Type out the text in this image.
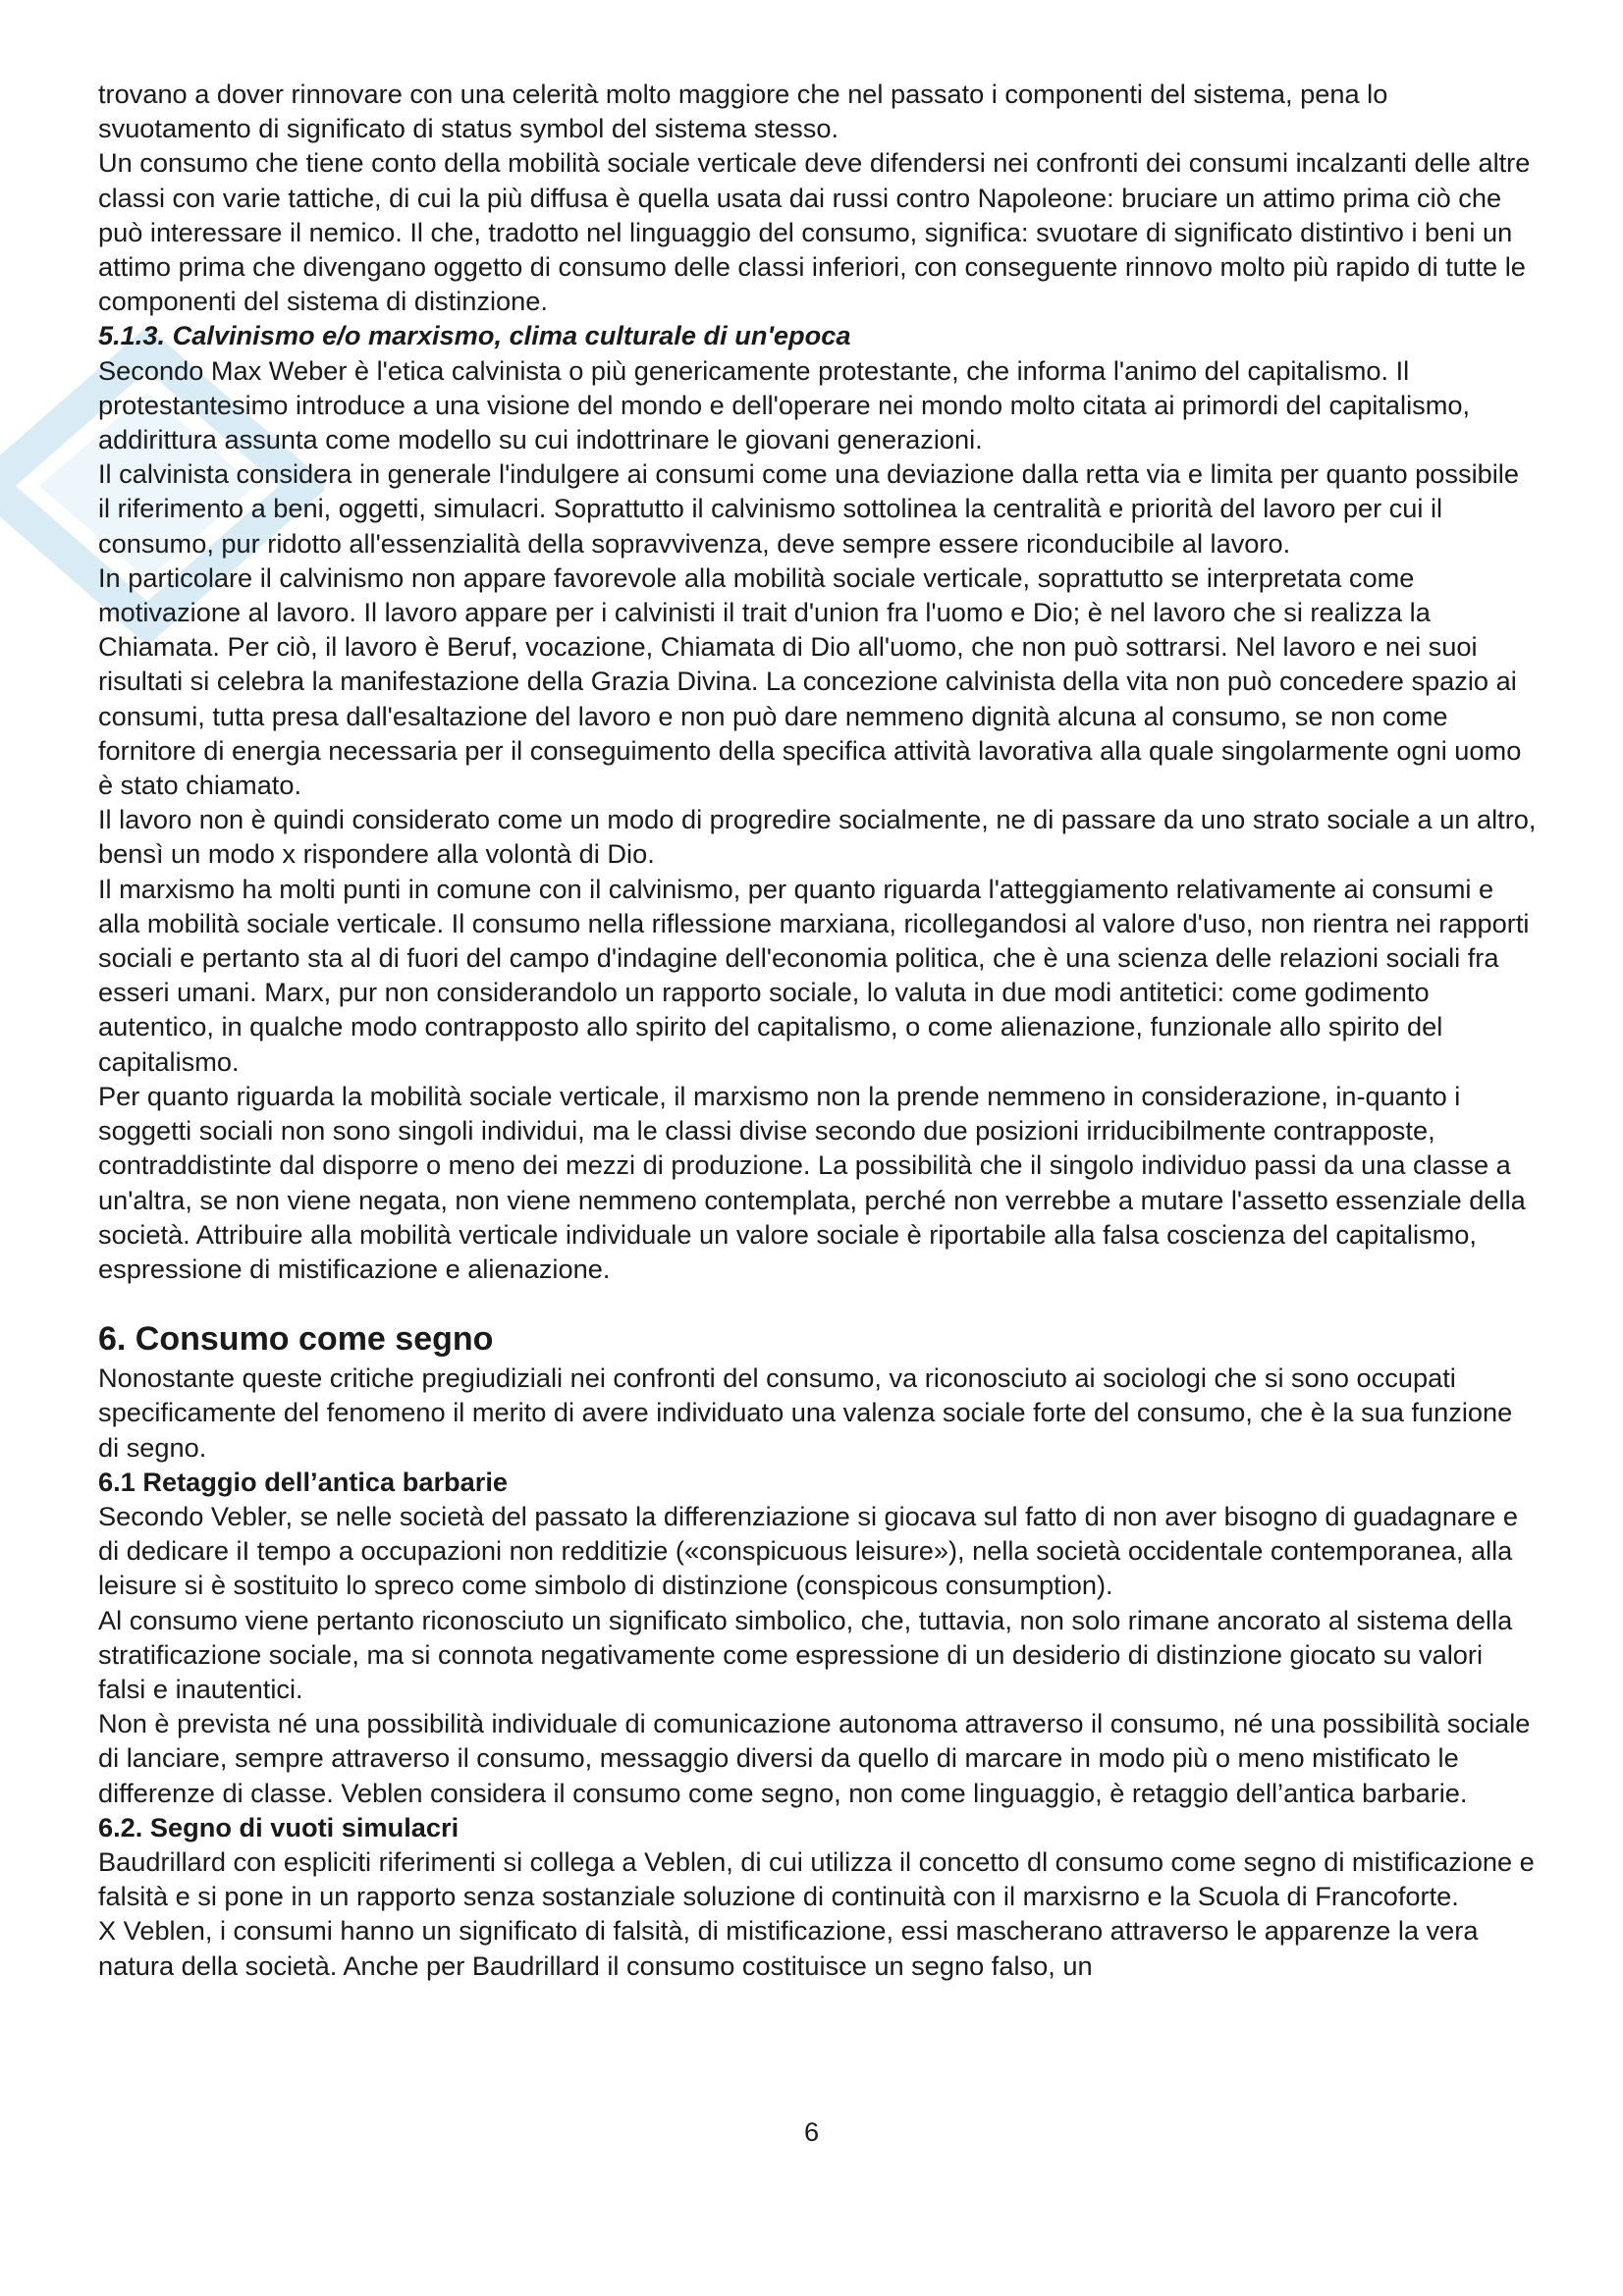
trovano a dover rinnovare con una celerità molto maggiore che nel passato i componenti del sistema, pena lo svuotamento di significato di status symbol del sistema stesso.

Un consumo che tiene conto della mobilità sociale verticale deve difendersi nei confronti dei consumi incalzanti delle altre classi con varie tattiche, di cui la più diffusa è quella usata dai russi contro Napoleone: bruciare un attimo prima ciò che può interessare il nemico. Il che, tradotto nel linguaggio del consumo, significa: svuotare di significato distintivo i beni un attimo prima che divengano oggetto di consumo delle classi inferiori, con conseguente rinnovo molto più rapido di tutte le componenti del sistema di distinzione.

5.1.3. Calvinismo e/o marxismo, clima culturale di un'epoca

Secondo Max Weber è l'etica calvinista o più genericamente protestante, che informa l'animo del capitalismo. Il protestantesimo introduce a una visione del mondo e dell'operare nei mondo molto citata ai primordi del capitalismo, addirittura assunta come modello su cui indottrinare le giovani generazioni.

Il calvinista considera in generale l'indulgere ai consumi come una deviazione dalla retta via e limita per quanto possibile il riferimento a beni, oggetti, simulacri. Soprattutto il calvinismo sottolinea la centralità e priorità del lavoro per cui il consumo, pur ridotto all'essenzialità della sopravvivenza, deve sempre essere riconducibile al lavoro.

In particolare il calvinismo non appare favorevole alla mobilità sociale verticale, soprattutto se interpretata come motivazione al lavoro. Il lavoro appare per i calvinisti il trait d'union fra l'uomo e Dio; è nel lavoro che si realizza la Chiamata. Per ciò, il lavoro è Beruf, vocazione, Chiamata di Dio all'uomo, che non può sottrarsi. Nel lavoro e nei suoi risultati si celebra la manifestazione della Grazia Divina. La concezione calvinista della vita non può concedere spazio ai consumi, tutta presa dall'esaltazione del lavoro e non può dare nemmeno dignità alcuna al consumo, se non come fornitore di energia necessaria per il conseguimento della specifica attività lavorativa alla quale singolarmente ogni uomo è stato chiamato.

Il lavoro non è quindi considerato come un modo di progredire socialmente, ne di passare da uno strato sociale a un altro, bensì un modo x rispondere alla volontà di Dio.

Il marxismo ha molti punti in comune con il calvinismo, per quanto riguarda l'atteggiamento relativamente ai consumi e alla mobilità sociale verticale. Il consumo nella riflessione marxiana, ricollegandosi al valore d'uso, non rientra nei rapporti sociali e pertanto sta al di fuori del campo d'indagine dell'economia politica, che è una scienza delle relazioni sociali fra esseri umani. Marx, pur non considerandolo un rapporto sociale, lo valuta in due modi antitetici: come godimento autentico, in qualche modo contrapposto allo spirito del capitalismo, o come alienazione, funzionale allo spirito del capitalismo.

Per quanto riguarda la mobilità sociale verticale, il marxismo non la prende nemmeno in considerazione, in-quanto i soggetti sociali non sono singoli individui, ma le classi divise secondo due posizioni irriducibilmente contrapposte, contraddistinte dal disporre o meno dei mezzi di produzione. La possibilità che il singolo individuo passi da una classe a un'altra, se non viene negata, non viene nemmeno contemplata, perché non verrebbe a mutare l'assetto essenziale della società. Attribuire alla mobilità verticale individuale un valore sociale è riportabile alla falsa coscienza del capitalismo, espressione di mistificazione e alienazione.

6. Consumo come segno

Nonostante queste critiche pregiudiziali nei confronti del consumo, va riconosciuto ai sociologi che si sono occupati specificamente del fenomeno il merito di avere individuato una valenza sociale forte del consumo, che è la sua funzione di segno.

6.1 Retaggio dell’antica barbarie

Secondo Vebler, se nelle società del passato la differenziazione si giocava sul fatto di non aver bisogno di guadagnare e di dedicare iI tempo a occupazioni non redditizie («conspicuous leisure»), nella società occidentale contemporanea, alla leisure si è sostituito lo spreco come simbolo di distinzione (conspicous consumption).

Al consumo viene pertanto riconosciuto un significato simbolico, che, tuttavia, non solo rimane ancorato al sistema della stratificazione sociale, ma si connota negativamente come espressione di un desiderio di distinzione giocato su valori falsi e inautentici.

Non è prevista né una possibilità individuale di comunicazione autonoma attraverso il consumo, né una possibilità sociale di lanciare, sempre attraverso il consumo, messaggio diversi da quello di marcare in modo più o meno mistificato le differenze di classe. Veblen considera il consumo come segno, non come linguaggio, è retaggio dell’antica barbarie.

6.2. Segno di vuoti simulacri

Baudrillard con espliciti riferimenti si collega a Veblen, di cui utilizza il concetto dl consumo come segno di mistificazione e falsità e si pone in un rapporto senza sostanziale soluzione di continuità con il marxisrno e la Scuola di Francoforte.

X Veblen, i consumi hanno un significato di falsità, di mistificazione, essi mascherano attraverso le apparenze la vera natura della società. Anche per Baudrillard il consumo costituisce un segno falso, un

6
